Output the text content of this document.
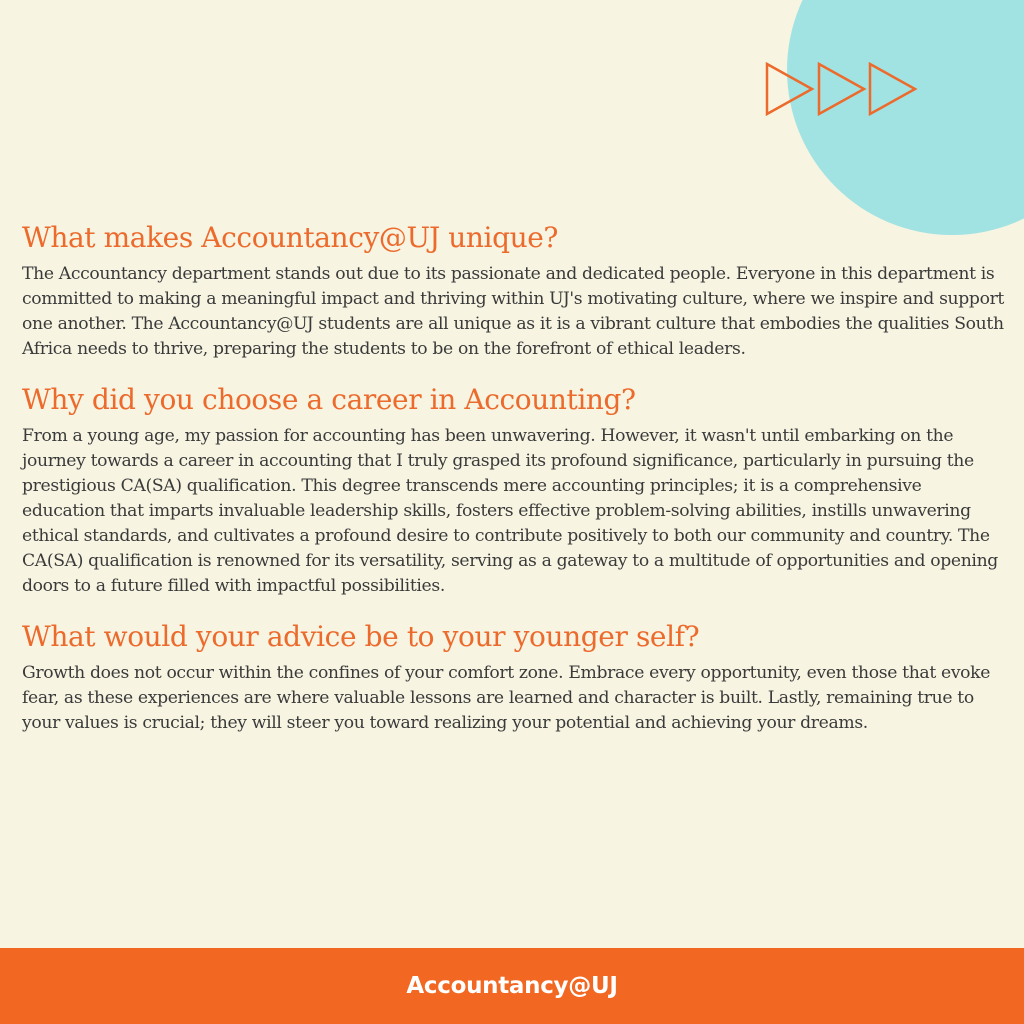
What makes Accountancy@UJ unique?

The Accountancy department stands out due to its passionate and dedicated people. Everyone in this department is committed to making a meaningful impact and thriving within UJ's motivating culture, where we inspire and support one another. The Accountancy@UJ students are all unique as it is a vibrant culture that embodies the qualities South Africa needs to thrive, preparing the students to be on the forefront of ethical leaders.

Why did you choose a career in Accounting?

From a young age, my passion for accounting has been unwavering. However, it wasn't until embarking on the journey towards a career in accounting that I truly grasped its profound significance, particularly in pursuing the prestigious CA(SA) qualification. This degree transcends mere accounting principles; it is a comprehensive education that imparts invaluable leadership skills, fosters effective problem-solving abilities, instills unwavering ethical standards, and cultivates a profound desire to contribute positively to both our community and country. The CA(SA) qualification is renowned for its versatility, serving as a gateway to a multitude of opportunities and opening doors to a future filled with impactful possibilities.

What would your advice be to your younger self?

Growth does not occur within the confines of your comfort zone. Embrace every opportunity, even those that evoke fear, as these experiences are where valuable lessons are learned and character is built. Lastly, remaining true to your values is crucial; they will steer you toward realizing your potential and achieving your dreams.

Accountancy@UJ
